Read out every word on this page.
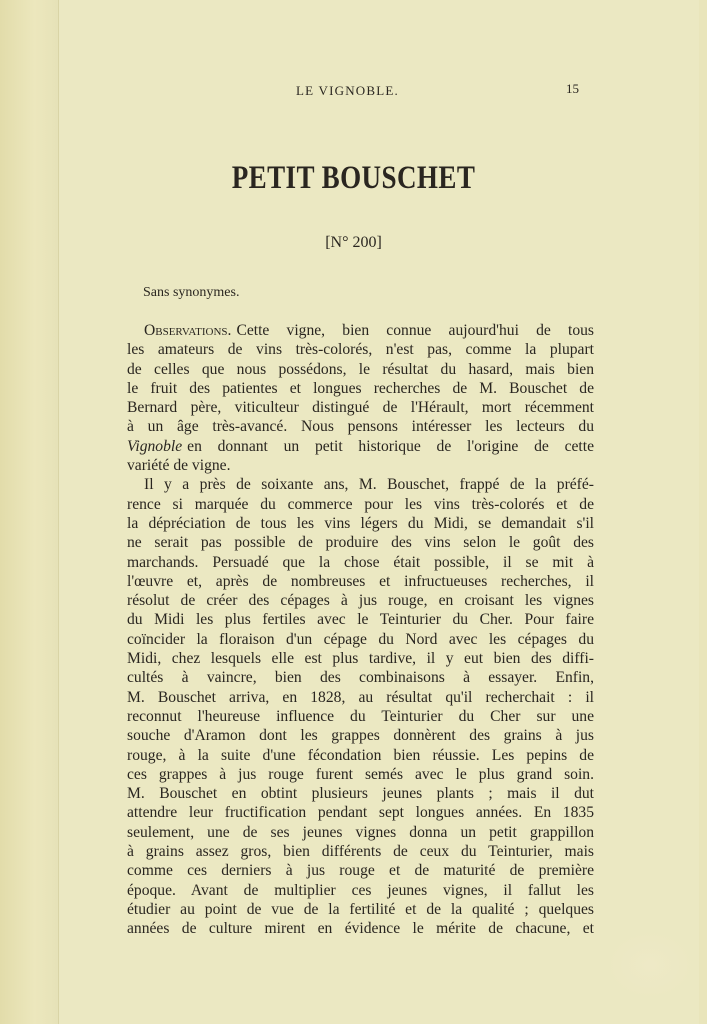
LE VIGNOBLE.	15
PETIT BOUSCHET
[N° 200]
Sans synonymes.
Observations. Cette vigne, bien connue aujourd'hui de tous
les amateurs de vins très-colorés, n'est pas, comme la plupart
de celles que nous possédons, le résultat du hasard, mais bien
le fruit des patientes et longues recherches de M. Bouschet de
Bernard père, viticulteur distingué de l'Hérault, mort récemment
à un âge très-avancé. Nous pensons intéresser les lecteurs du
Vignoble en donnant un petit historique de l'origine de cette
variété de vigne.
Il y a près de soixante ans, M. Bouschet, frappé de la préfé-
rence si marquée du commerce pour les vins très-colorés et de
la dépréciation de tous les vins légers du Midi, se demandait s'il
ne serait pas possible de produire des vins selon le goût des
marchands. Persuadé que la chose était possible, il se mit à
l'œuvre et, après de nombreuses et infructueuses recherches, il
résolut de créer des cépages à jus rouge, en croisant les vignes
du Midi les plus fertiles avec le Teinturier du Cher. Pour faire
coïncider la floraison d'un cépage du Nord avec les cépages du
Midi, chez lesquels elle est plus tardive, il y eut bien des diffi-
cultés à vaincre, bien des combinaisons à essayer. Enfin,
M. Bouschet arriva, en 1828, au résultat qu'il recherchait : il
reconnut l'heureuse influence du Teinturier du Cher sur une
souche d'Aramon dont les grappes donnèrent des grains à jus
rouge, à la suite d'une fécondation bien réussie. Les pepins de
ces grappes à jus rouge furent semés avec le plus grand soin.
M. Bouschet en obtint plusieurs jeunes plants ; mais il dut
attendre leur fructification pendant sept longues années. En 1835
seulement, une de ses jeunes vignes donna un petit grappillon
à grains assez gros, bien différents de ceux du Teinturier, mais
comme ces derniers à jus rouge et de maturité de première
époque. Avant de multiplier ces jeunes vignes, il fallut les
étudier au point de vue de la fertilité et de la qualité ; quelques
années de culture mirent en évidence le mérite de chacune, et
